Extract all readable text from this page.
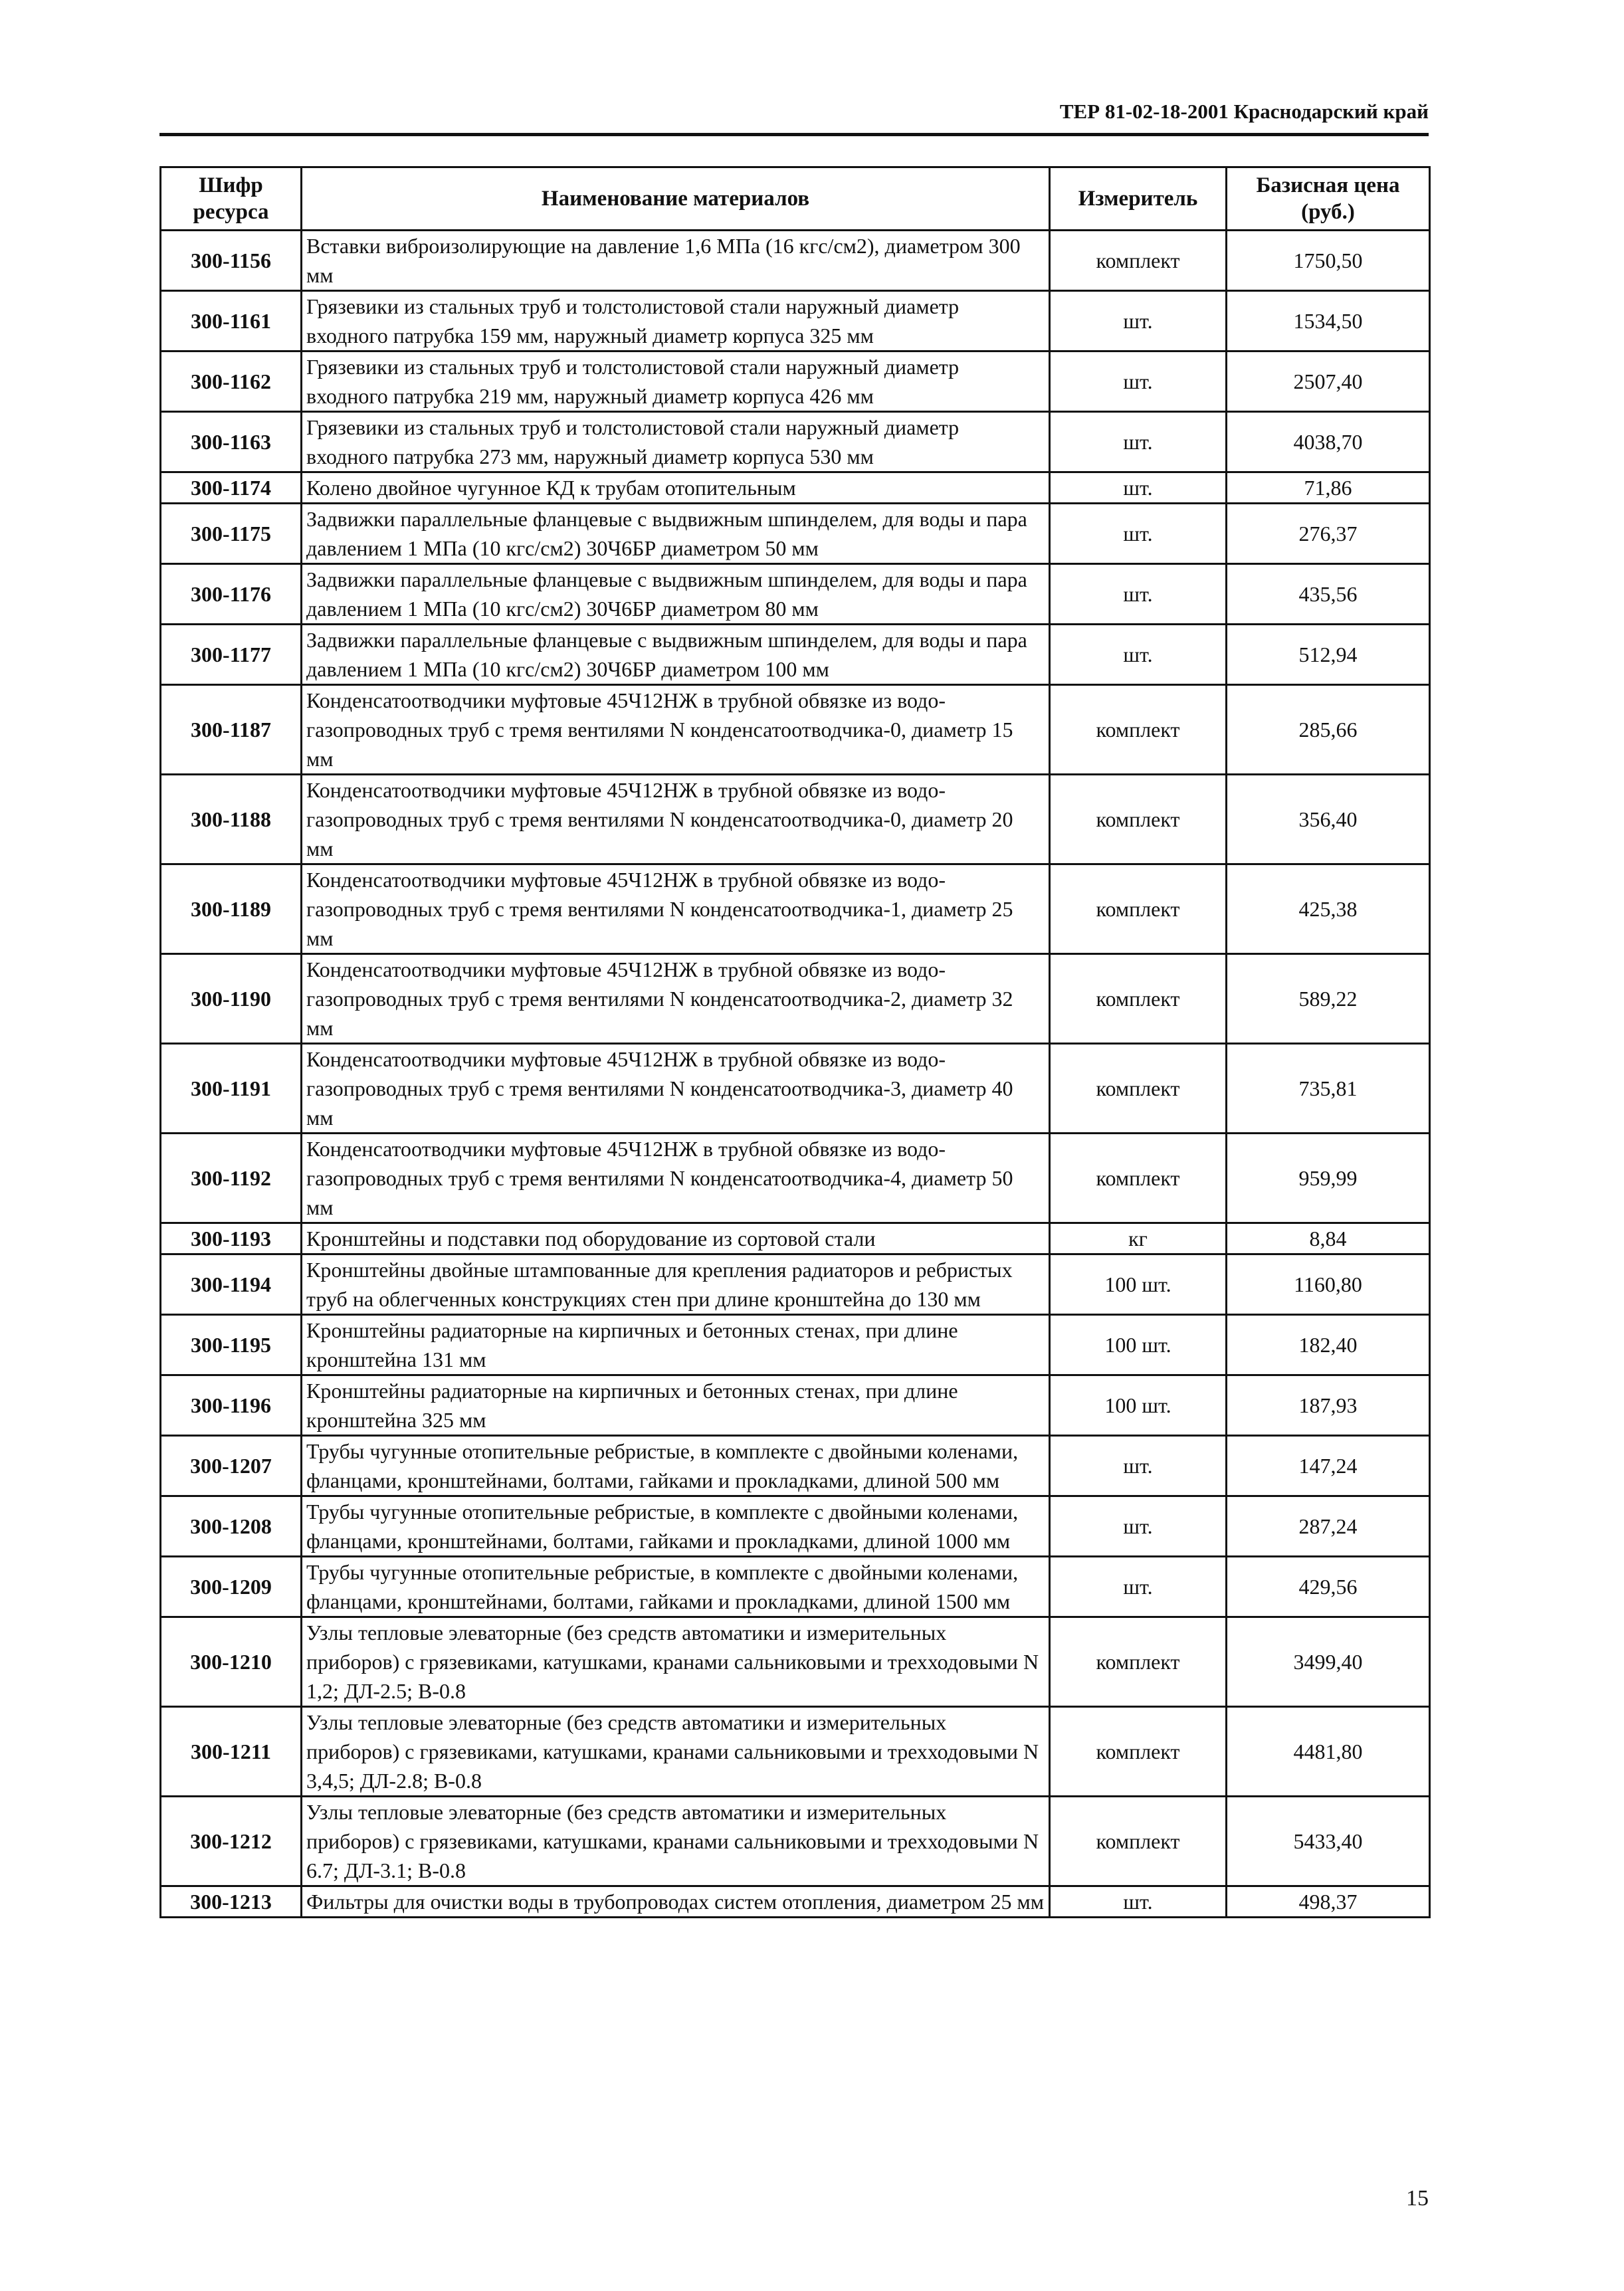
ТЕР 81-02-18-2001 Краснодарский край
Шифр ресурса	Наименование материалов	Измеритель	Базисная цена (руб.)
300-1156	Вставки виброизолирующие на давление 1,6 МПа (16 кгс/см2), диаметром 300 мм	комплект	1750,50
300-1161	Грязевики из стальных труб и толстолистовой стали наружный диаметр входного патрубка 159 мм, наружный диаметр корпуса 325 мм	шт.	1534,50
300-1162	Грязевики из стальных труб и толстолистовой стали наружный диаметр входного патрубка 219 мм, наружный диаметр корпуса 426 мм	шт.	2507,40
300-1163	Грязевики из стальных труб и толстолистовой стали наружный диаметр входного патрубка 273 мм, наружный диаметр корпуса 530 мм	шт.	4038,70
300-1174	Колено двойное чугунное КД к трубам отопительным	шт.	71,86
300-1175	Задвижки параллельные фланцевые с выдвижным шпинделем, для воды и пара давлением 1 МПа (10 кгс/см2) 30Ч6БР диаметром 50 мм	шт.	276,37
300-1176	Задвижки параллельные фланцевые с выдвижным шпинделем, для воды и пара давлением 1 МПа (10 кгс/см2) 30Ч6БР диаметром 80 мм	шт.	435,56
300-1177	Задвижки параллельные фланцевые с выдвижным шпинделем, для воды и пара давлением 1 МПа (10 кгс/см2) 30Ч6БР диаметром 100 мм	шт.	512,94
300-1187	Конденсатоотводчики муфтовые 45Ч12НЖ в трубной обвязке из водо-газопроводных труб с тремя вентилями N конденсатоотводчика-0, диаметр 15 мм	комплект	285,66
300-1188	Конденсатоотводчики муфтовые 45Ч12НЖ в трубной обвязке из водо-газопроводных труб с тремя вентилями N конденсатоотводчика-0, диаметр 20 мм	комплект	356,40
300-1189	Конденсатоотводчики муфтовые 45Ч12НЖ в трубной обвязке из водо-газопроводных труб с тремя вентилями N конденсатоотводчика-1, диаметр 25 мм	комплект	425,38
300-1190	Конденсатоотводчики муфтовые 45Ч12НЖ в трубной обвязке из водо-газопроводных труб с тремя вентилями N конденсатоотводчика-2, диаметр 32 мм	комплект	589,22
300-1191	Конденсатоотводчики муфтовые 45Ч12НЖ в трубной обвязке из водо-газопроводных труб с тремя вентилями N конденсатоотводчика-3, диаметр 40 мм	комплект	735,81
300-1192	Конденсатоотводчики муфтовые 45Ч12НЖ в трубной обвязке из водо-газопроводных труб с тремя вентилями N конденсатоотводчика-4, диаметр 50 мм	комплект	959,99
300-1193	Кронштейны и подставки под оборудование из сортовой стали	кг	8,84
300-1194	Кронштейны двойные штампованные для крепления радиаторов и ребристых труб на облегченных конструкциях стен при длине кронштейна до 130 мм	100 шт.	1160,80
300-1195	Кронштейны радиаторные на кирпичных и бетонных стенах, при длине кронштейна 131 мм	100 шт.	182,40
300-1196	Кронштейны радиаторные на кирпичных и бетонных стенах, при длине кронштейна 325 мм	100 шт.	187,93
300-1207	Трубы чугунные отопительные ребристые, в комплекте с двойными коленами, фланцами, кронштейнами, болтами, гайками и прокладками, длиной 500 мм	шт.	147,24
300-1208	Трубы чугунные отопительные ребристые, в комплекте с двойными коленами, фланцами, кронштейнами, болтами, гайками и прокладками, длиной 1000 мм	шт.	287,24
300-1209	Трубы чугунные отопительные ребристые, в комплекте с двойными коленами, фланцами, кронштейнами, болтами, гайками и прокладками, длиной 1500 мм	шт.	429,56
300-1210	Узлы тепловые элеваторные (без средств автоматики и измерительных приборов) с грязевиками, катушками, кранами сальниковыми и трехходовыми N 1,2; ДЛ-2.5; В-0.8	комплект	3499,40
300-1211	Узлы тепловые элеваторные (без средств автоматики и измерительных приборов) с грязевиками, катушками, кранами сальниковыми и трехходовыми N 3,4,5; ДЛ-2.8; В-0.8	комплект	4481,80
300-1212	Узлы тепловые элеваторные (без средств автоматики и измерительных приборов) с грязевиками, катушками, кранами сальниковыми и трехходовыми N 6.7; ДЛ-3.1; В-0.8	комплект	5433,40
300-1213	Фильтры для очистки воды в трубопроводах систем отопления, диаметром 25 мм	шт.	498,37
15
